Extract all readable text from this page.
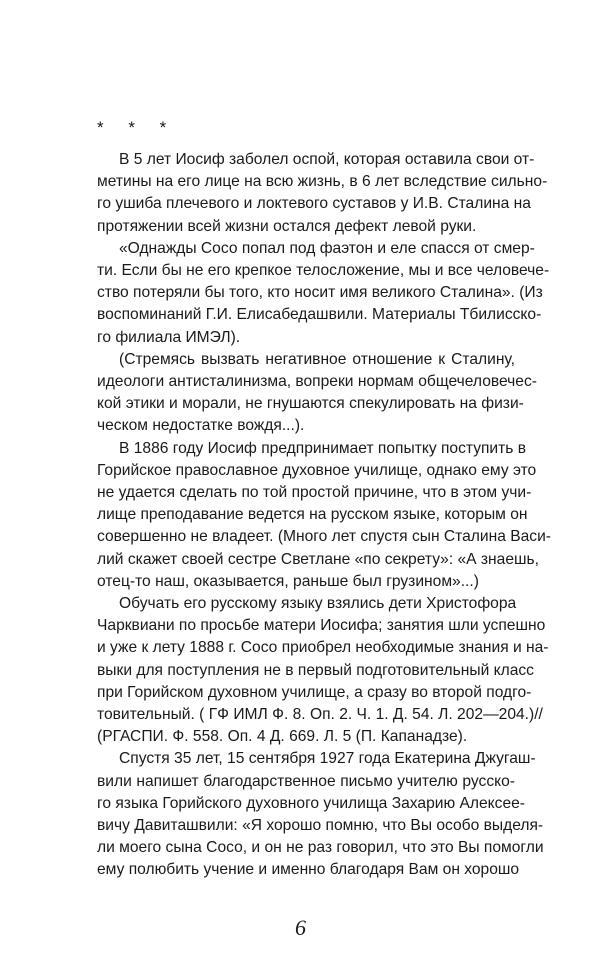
* * *
В 5 лет Иосиф заболел оспой, которая оставила свои от-
метины на его лице на всю жизнь, в 6 лет вследствие сильно-
го ушиба плечевого и локтевого суставов у И.В. Сталина на
протяжении всей жизни остался дефект левой руки.
«Однажды Сосо попал под фаэтон и еле спасся от смер-
ти. Если бы не его крепкое телосложение, мы и все человече-
ство потеряли бы того, кто носит имя великого Сталина». (Из
воспоминаний Г.И. Елисабедашвили. Материалы Тбилисско-
го филиала ИМЭЛ).
(Стремясь вызвать негативное отношение к Сталину,
идеологи антисталинизма, вопреки нормам общечеловечес-
кой этики и морали, не гнушаются спекулировать на физи-
ческом недостатке вождя...).
В 1886 году Иосиф предпринимает попытку поступить в
Горийское православное духовное училище, однако ему это
не удается сделать по той простой причине, что в этом учи-
лище преподавание ведется на русском языке, которым он
совершенно не владеет. (Много лет спустя сын Сталина Васи-
лий скажет своей сестре Светлане «по секрету»: «А знаешь,
отец-то наш, оказывается, раньше был грузином»...)
Обучать его русскому языку взялись дети Христофора
Чарквиани по просьбе матери Иосифа; занятия шли успешно
и уже к лету 1888 г. Сосо приобрел необходимые знания и на-
выки для поступления не в первый подготовительный класс
при Горийском духовном училище, а сразу во второй подго-
товительный. ( ГФ ИМЛ Ф. 8. Оп. 2. Ч. 1. Д. 54. Л. 202—204.)//
(РГАСПИ. Ф. 558. Оп. 4 Д. 669. Л. 5 (П. Капанадзе).
Спустя 35 лет, 15 сентября 1927 года Екатерина Джугаш-
вили напишет благодарственное письмо учителю русско-
го языка Горийского духовного училища Захарию Алексее-
вичу Давиташвили: «Я хорошо помню, что Вы особо выделя-
ли моего сына Сосо, и он не раз говорил, что это Вы помогли
ему полюбить учение и именно благодаря Вам он хорошо
6
